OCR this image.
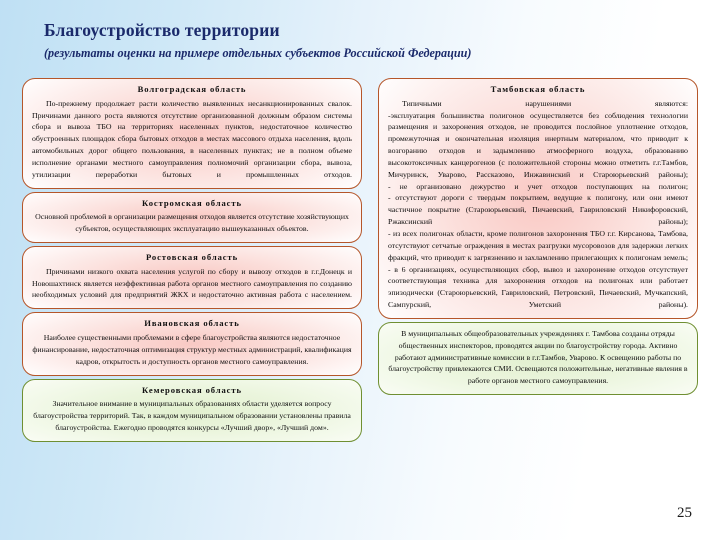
Благоустройство территории
(результаты оценки на примере отдельных субъектов Российской Федерации)
Волгоградская область
По-прежнему продолжает расти количество выявленных несанкционированных свалок. Причинами данного роста являются отсутствие организованной должным образом системы сбора и вывоза ТБО на территориях населенных пунктов, недостаточное количество обустроенных площадок сбора бытовых отходов в местах массового отдыха населения, вдоль автомобильных дорог общего пользования, в населенных пунктах; не в полном объеме исполнение органами местного самоуправления полномочий организации сбора, вывоза, утилизации переработки бытовых и промышленных отходов.
Костромская область
Основной проблемой в организации размещения отходов является отсутствие хозяйствующих субъектов, осуществляющих эксплуатацию вышеуказанных объектов.
Ростовская область
Причинами низкого охвата населения услугой по сбору и вывозу отходов в г.г.Донецк и Новошахтинск является неэффективная работа органов местного самоуправления по созданию необходимых условий для предприятий ЖКХ и недостаточно активная работа с населением.
Ивановская область
Наиболее существенными проблемами в сфере благоустройства являются недостаточное финансирование, недостаточная оптимизация структур местных администраций, квалификация кадров, открытость и доступность органов местного самоуправления.
Кемеровская область
Значительное внимание в муниципальных образованиях области уделяется вопросу благоустройства территорий. Так, в каждом муниципальном образовании установлены правила благоустройства. Ежегодно проводятся конкурсы «Лучший двор», «Лучший дом».
Тамбовская область
Типичными нарушениями являются:
-эксплуатация большинства полигонов осуществляется без соблюдения технологии размещения и захоронения отходов, не проводится послойное уплотнение отходов, промежуточная и окончательная изоляция инертным материалом, что приводит к возгоранию отходов и задымлению атмосферного воздуха, образованию высокотоксичных канцерогенов (с положительной стороны можно отметить г.г.Тамбов, Мичуринск, Уварово, Рассказово, Инжавинский и Староюрьевский районы);
- не организовано дежурство и учет отходов поступающих на полигон;
- отсутствуют дороги с твердым покрытием, ведущие к полигону, или они имеют частичное покрытие (Староюрьевский, Пичаевский, Гавриловский Никифоровский, Ржаксинский районы);
- из всех полигонах области, кроме полигонов захоронения ТБО г.г. Кирсанова, Тамбова, отсутствуют сетчатые ограждения в местах разгрузки мусоровозов для задержки легких фракций, что приводит к загрязнению и захламлению прилегающих к полигонам земель;
- в 6 организациях, осуществляющих сбор, вывоз и захоронение отходов отсутствует соответствующая техника для захоронения отходов на полигонах или работает эпизодически (Староюрьевский, Гавриловский, Петровский, Пичаевский, Мучкапский, Сампурский, Уметский районы).
В муниципальных общеобразовательных учреждениях г. Тамбова созданы отряды общественных инспекторов, проводятся акции по благоустройству города. Активно работают административные комиссии в г.г.Тамбов, Уварово. К освещению работы по благоустройству привлекаются СМИ. Освещаются положительные, негативные явления в работе органов местного самоуправления.
25
